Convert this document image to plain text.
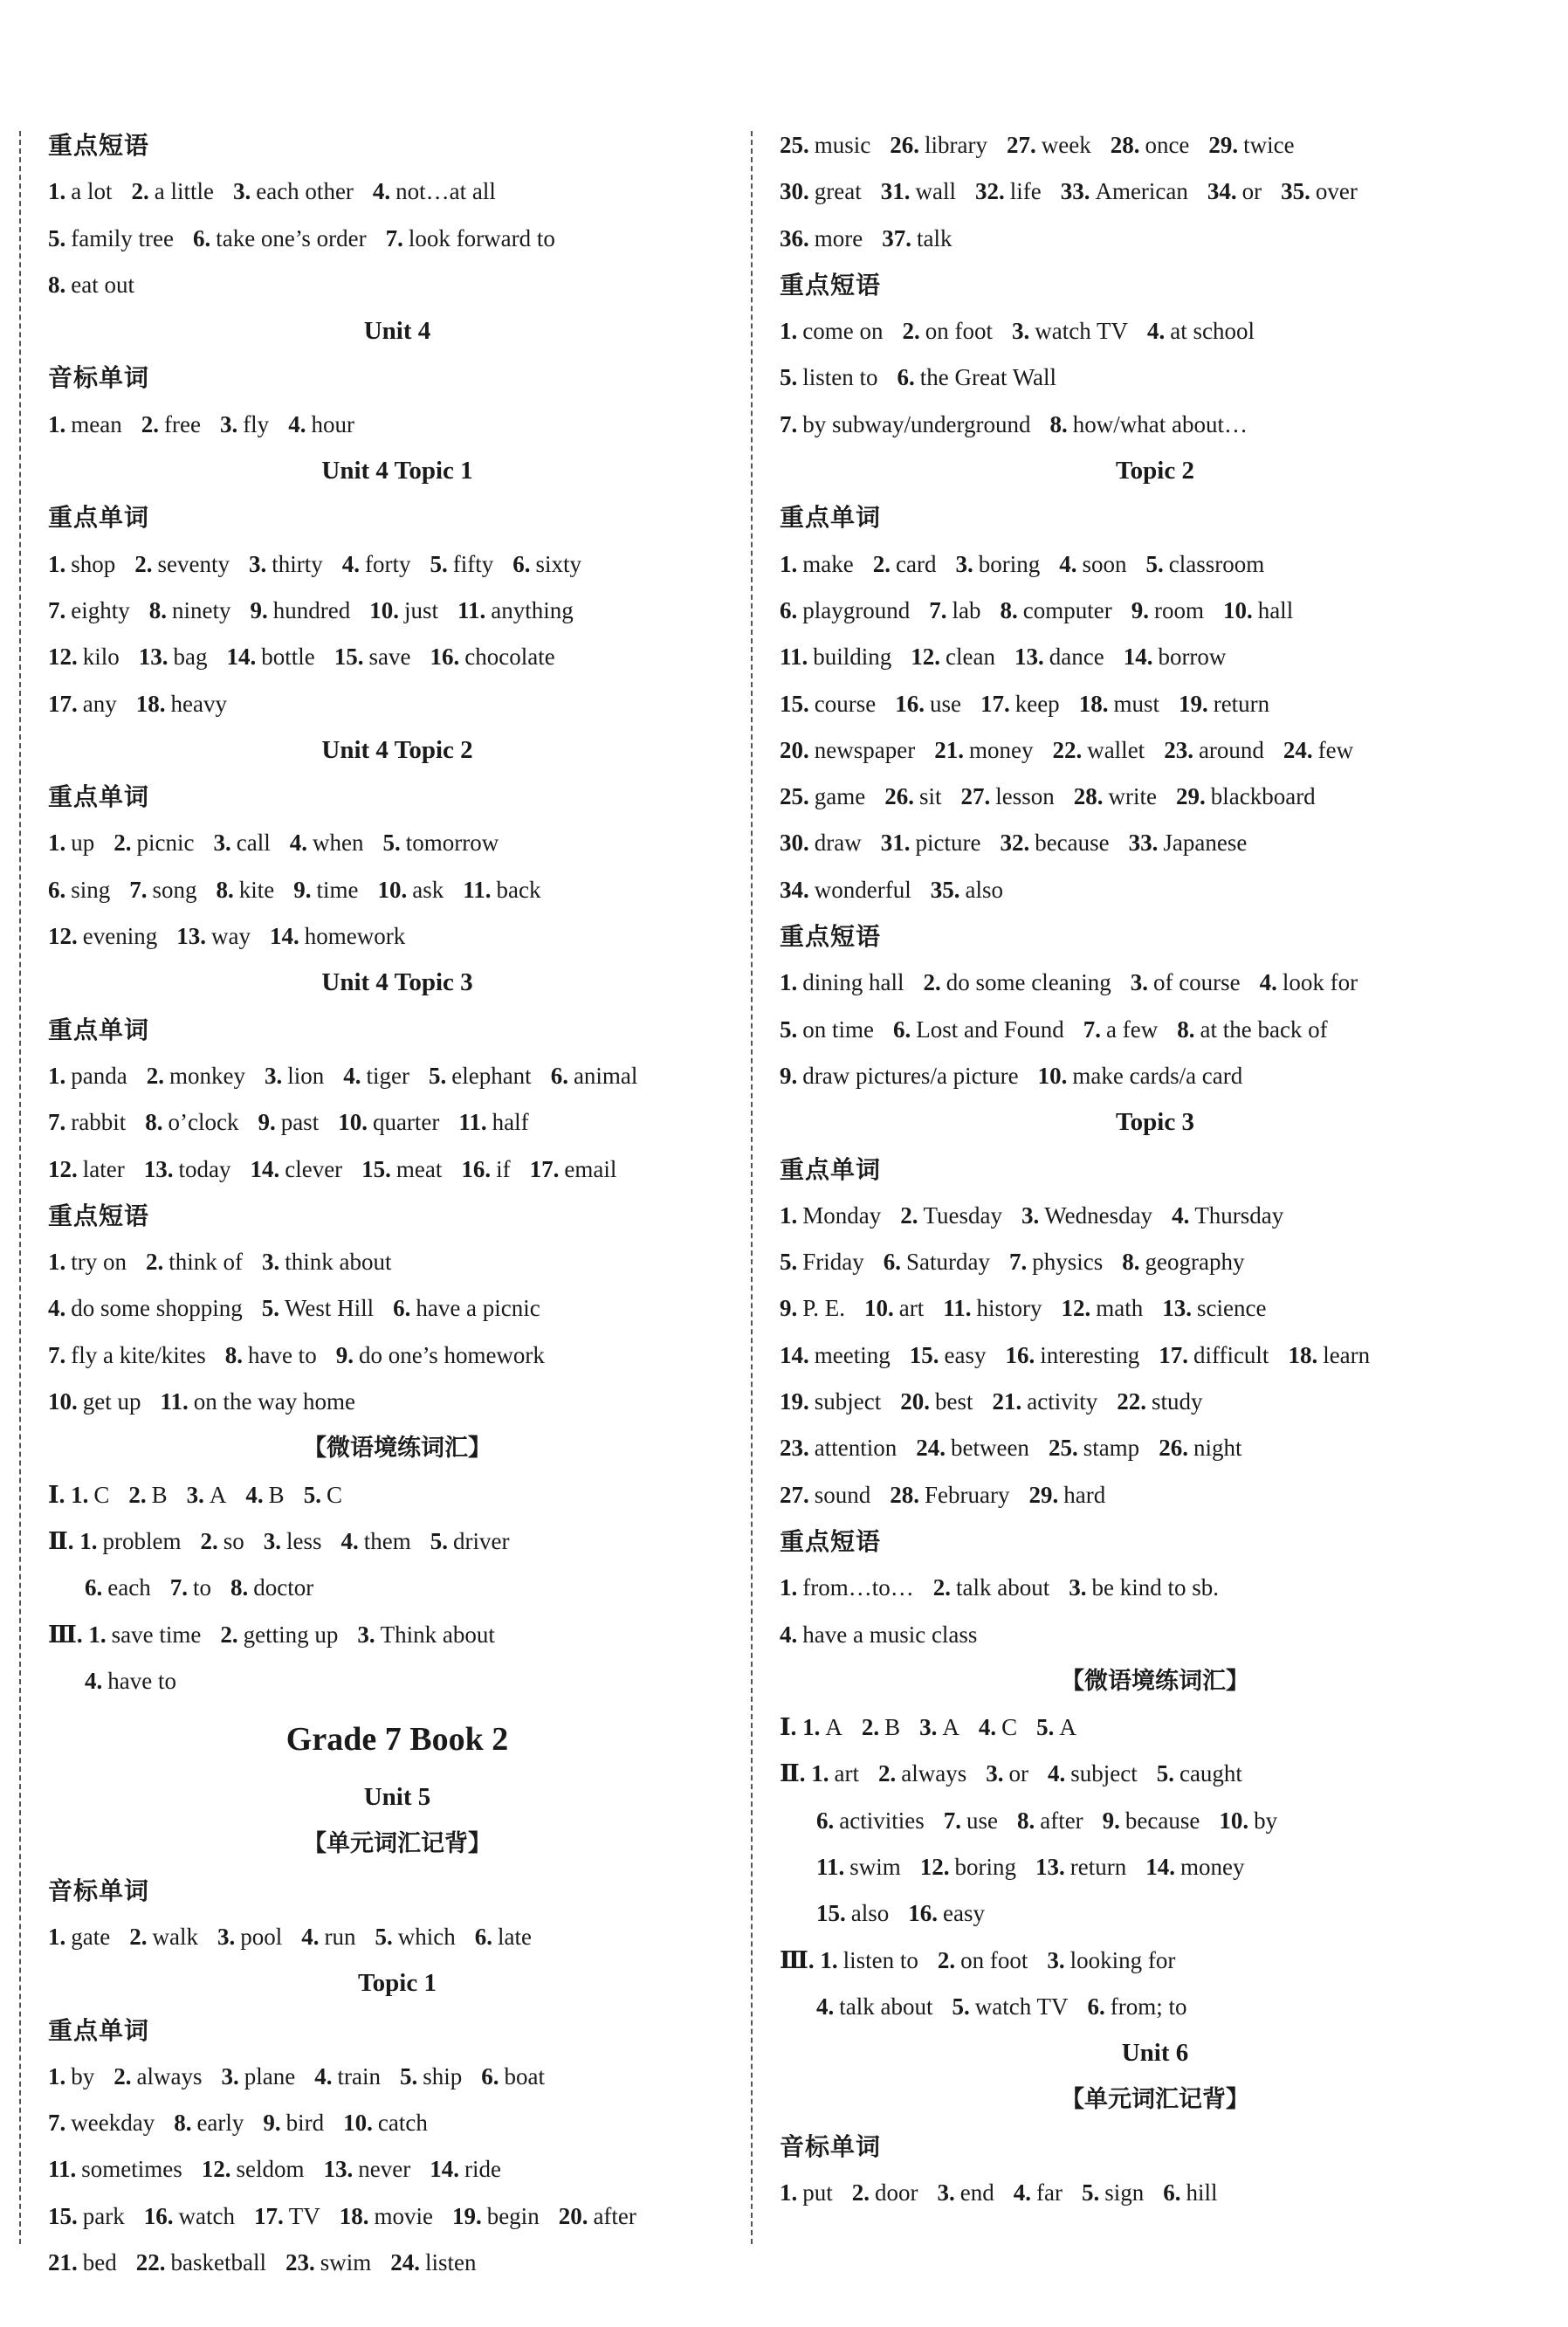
重点短语
1. a lot 2. a little 3. each other 4. not…at all
5. family tree 6. take one’s order 7. look forward to
8. eat out
Unit 4
音标单词
1. mean 2. free 3. fly 4. hour
Unit 4 Topic 1
重点单词
1. shop 2. seventy 3. thirty 4. forty 5. fifty 6. sixty
7. eighty 8. ninety 9. hundred 10. just 11. anything
12. kilo 13. bag 14. bottle 15. save 16. chocolate
17. any 18. heavy
Unit 4 Topic 2
重点单词
1. up 2. picnic 3. call 4. when 5. tomorrow
6. sing 7. song 8. kite 9. time 10. ask 11. back
12. evening 13. way 14. homework
Unit 4 Topic 3
重点单词
1. panda 2. monkey 3. lion 4. tiger 5. elephant 6. animal
7. rabbit 8. o’clock 9. past 10. quarter 11. half
12. later 13. today 14. clever 15. meat 16. if 17. email
重点短语
1. try on 2. think of 3. think about
4. do some shopping 5. West Hill 6. have a picnic
7. fly a kite/kites 8. have to 9. do one’s homework
10. get up 11. on the way home
【微语境练词汇】
Ⅰ. 1. C 2. B 3. A 4. B 5. C
Ⅱ. 1. problem 2. so 3. less 4. them 5. driver
6. each 7. to 8. doctor
Ⅲ. 1. save time 2. getting up 3. Think about
4. have to
Grade 7 Book 2
Unit 5
【单元词汇记背】
音标单词
1. gate 2. walk 3. pool 4. run 5. which 6. late
Topic 1
重点单词
1. by 2. always 3. plane 4. train 5. ship 6. boat
7. weekday 8. early 9. bird 10. catch
11. sometimes 12. seldom 13. never 14. ride
15. park 16. watch 17. TV 18. movie 19. begin 20. after
21. bed 22. basketball 23. swim 24. listen
25. music 26. library 27. week 28. once 29. twice
30. great 31. wall 32. life 33. American 34. or 35. over
36. more 37. talk
重点短语
1. come on 2. on foot 3. watch TV 4. at school
5. listen to 6. the Great Wall
7. by subway/underground 8. how/what about…
Topic 2
重点单词
1. make 2. card 3. boring 4. soon 5. classroom
6. playground 7. lab 8. computer 9. room 10. hall
11. building 12. clean 13. dance 14. borrow
15. course 16. use 17. keep 18. must 19. return
20. newspaper 21. money 22. wallet 23. around 24. few
25. game 26. sit 27. lesson 28. write 29. blackboard
30. draw 31. picture 32. because 33. Japanese
34. wonderful 35. also
重点短语
1. dining hall 2. do some cleaning 3. of course 4. look for
5. on time 6. Lost and Found 7. a few 8. at the back of
9. draw pictures/a picture 10. make cards/a card
Topic 3
重点单词
1. Monday 2. Tuesday 3. Wednesday 4. Thursday
5. Friday 6. Saturday 7. physics 8. geography
9. P. E. 10. art 11. history 12. math 13. science
14. meeting 15. easy 16. interesting 17. difficult 18. learn
19. subject 20. best 21. activity 22. study
23. attention 24. between 25. stamp 26. night
27. sound 28. February 29. hard
重点短语
1. from…to… 2. talk about 3. be kind to sb.
4. have a music class
【微语境练词汇】
Ⅰ. 1. A 2. B 3. A 4. C 5. A
Ⅱ. 1. art 2. always 3. or 4. subject 5. caught
6. activities 7. use 8. after 9. because 10. by
11. swim 12. boring 13. return 14. money
15. also 16. easy
Ⅲ. 1. listen to 2. on foot 3. looking for
4. talk about 5. watch TV 6. from; to
Unit 6
【单元词汇记背】
音标单词
1. put 2. door 3. end 4. far 5. sign 6. hill
